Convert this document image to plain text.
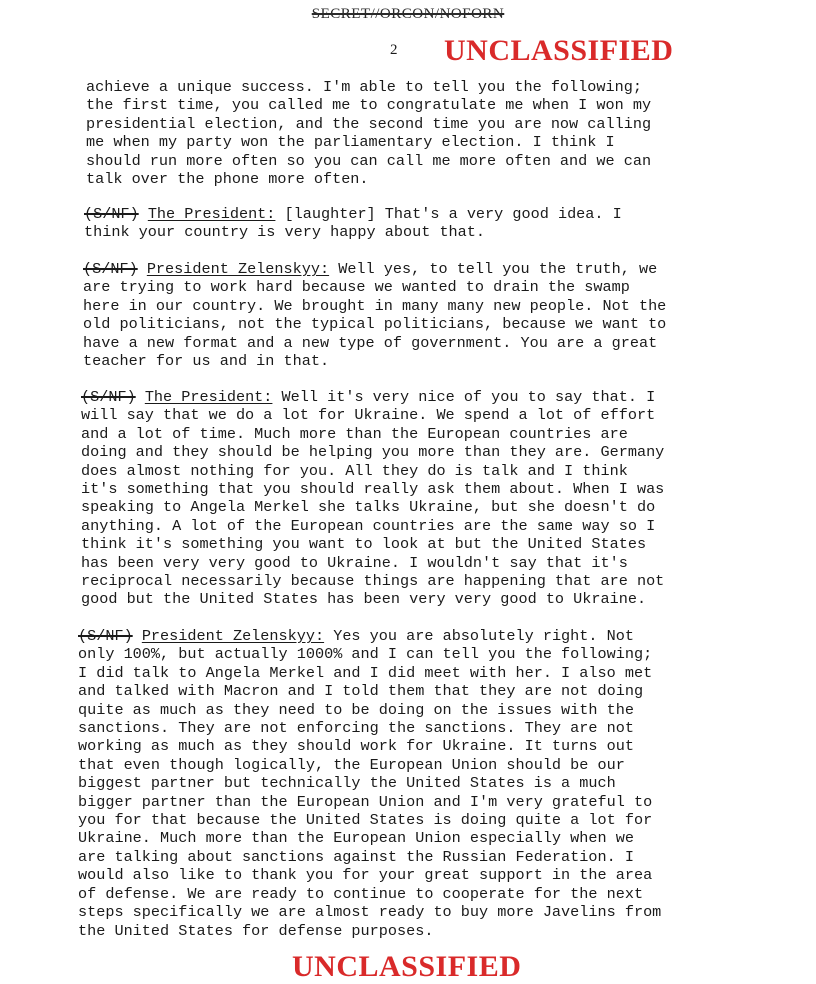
SECRET//ORCON/NOFORN
2 UNCLASSIFIED
achieve a unique success. I'm able to tell you the following;
the first time, you called me to congratulate me when I won my
presidential election, and the second time you are now calling
me when my party won the parliamentary election. I think I
should run more often so you can call me more often and we can
talk over the phone more often.
(S/NF) The President: [laughter] That's a very good idea. I
think your country is very happy about that.
(S/NF) President Zelenskyy: Well yes, to tell you the truth, we
are trying to work hard because we wanted to drain the swamp
here in our country. We brought in many many new people. Not the
old politicians, not the typical politicians, because we want to
have a new format and a new type of government. You are a great
teacher for us and in that.
(S/NF) The President: Well it's very nice of you to say that. I
will say that we do a lot for Ukraine. We spend a lot of effort
and a lot of time. Much more than the European countries are
doing and they should be helping you more than they are. Germany
does almost nothing for you. All they do is talk and I think
it's something that you should really ask them about. When I was
speaking to Angela Merkel she talks Ukraine, but she doesn't do
anything. A lot of the European countries are the same way so I
think it's something you want to look at but the United States
has been very very good to Ukraine. I wouldn't say that it's
reciprocal necessarily because things are happening that are not
good but the United States has been very very good to Ukraine.
(S/NF) President Zelenskyy: Yes you are absolutely right. Not
only 100%, but actually 1000% and I can tell you the following;
I did talk to Angela Merkel and I did meet with her. I also met
and talked with Macron and I told them that they are not doing
quite as much as they need to be doing on the issues with the
sanctions. They are not enforcing the sanctions. They are not
working as much as they should work for Ukraine. It turns out
that even though logically, the European Union should be our
biggest partner but technically the United States is a much
bigger partner than the European Union and I'm very grateful to
you for that because the United States is doing quite a lot for
Ukraine. Much more than the European Union especially when we
are talking about sanctions against the Russian Federation. I
would also like to thank you for your great support in the area
of defense. We are ready to continue to cooperate for the next
steps specifically we are almost ready to buy more Javelins from
the United States for defense purposes.
UNCLASSIFIED
